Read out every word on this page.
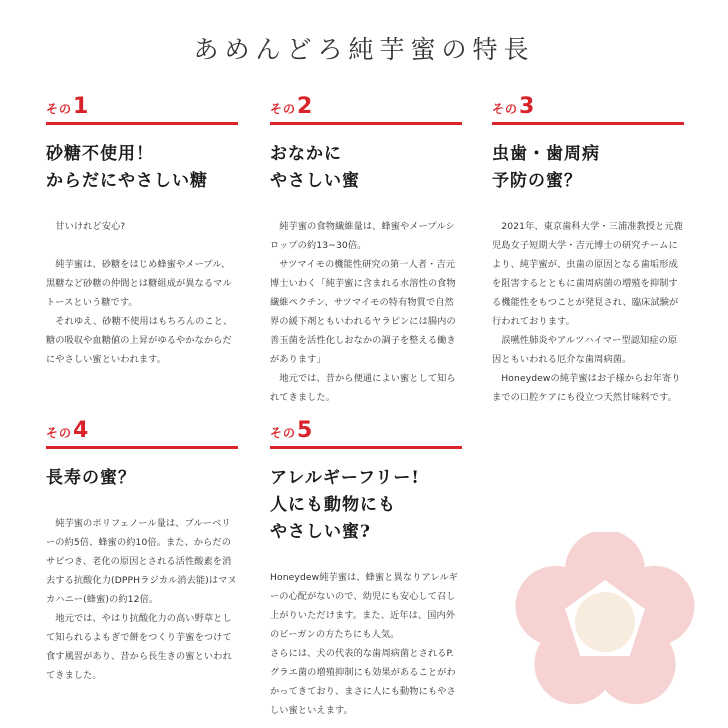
あめんどろ純芋蜜の特長
その1
砂糖不使用！
からだにやさしい糖
　甘いけれど安心?

　純芋蜜は、砂糖をはじめ蜂蜜やメープル、黒糖など砂糖の仲間とは糖組成が異なるマルトースという糖です。
　それゆえ、砂糖不使用はもちろんのこと、糖の吸収や血糖値の上昇がゆるやかなからだにやさしい蜜といわれます。
その2
おなかに
やさしい蜜
　純芋蜜の食物繊維量は、蜂蜜やメープルシロップの約13~30倍。
　サツマイモの機能性研究の第一人者・吉元博士いわく「純芋蜜に含まれる水溶性の食物繊維ペクチン、サツマイモの特有物質で自然界の緩下剤ともいわれるヤラピンには腸内の善玉菌を活性化しおなかの調子を整える働きがあります」
　地元では、昔から便通によい蜜として知られてきました。
その3
虫歯・歯周病
予防の蜜？
　2021年、東京歯科大学・三浦准教授と元鹿児島女子短期大学・吉元博士の研究チームにより、純芋蜜が、虫歯の原因となる歯垢形成を阻害するとともに歯周病菌の増殖を抑制する機能性をもつことが発見され、臨床試験が行われております。
　誤嚥性肺炎やアルツハイマー型認知症の原因ともいわれる厄介な歯周病菌。
　Honeydewの純芋蜜はお子様からお年寄りまでの口腔ケアにも役立つ天然甘味料です。
その4
長寿の蜜？
　純芋蜜のポリフェノール量は、ブルーベリーの約5倍、蜂蜜の約10倍。また、からだのサビつき、老化の原因とされる活性酸素を消去する抗酸化力(DPPHラジカル消去能)はマヌカハニー(蜂蜜)の約12倍。
　地元では、やはり抗酸化力の高い野草として知られるよもぎで餅をつくり芋蜜をつけて食す風習があり、昔から長生きの蜜といわれてきました。
その5
アレルギーフリー!
人にも動物にも
やさしい蜜?
Honeydew純芋蜜は、蜂蜜と異なりアレルギーの心配がないので、幼児にも安心して召し上がりいただけます。また、近年は、国内外のビーガンの方たちにも人気。
さらには、犬の代表的な歯周病菌とされるP.グラエ菌の増殖抑制にも効果があることがわかってきており、まさに人にも動物にもやさしい蜜といえます。
